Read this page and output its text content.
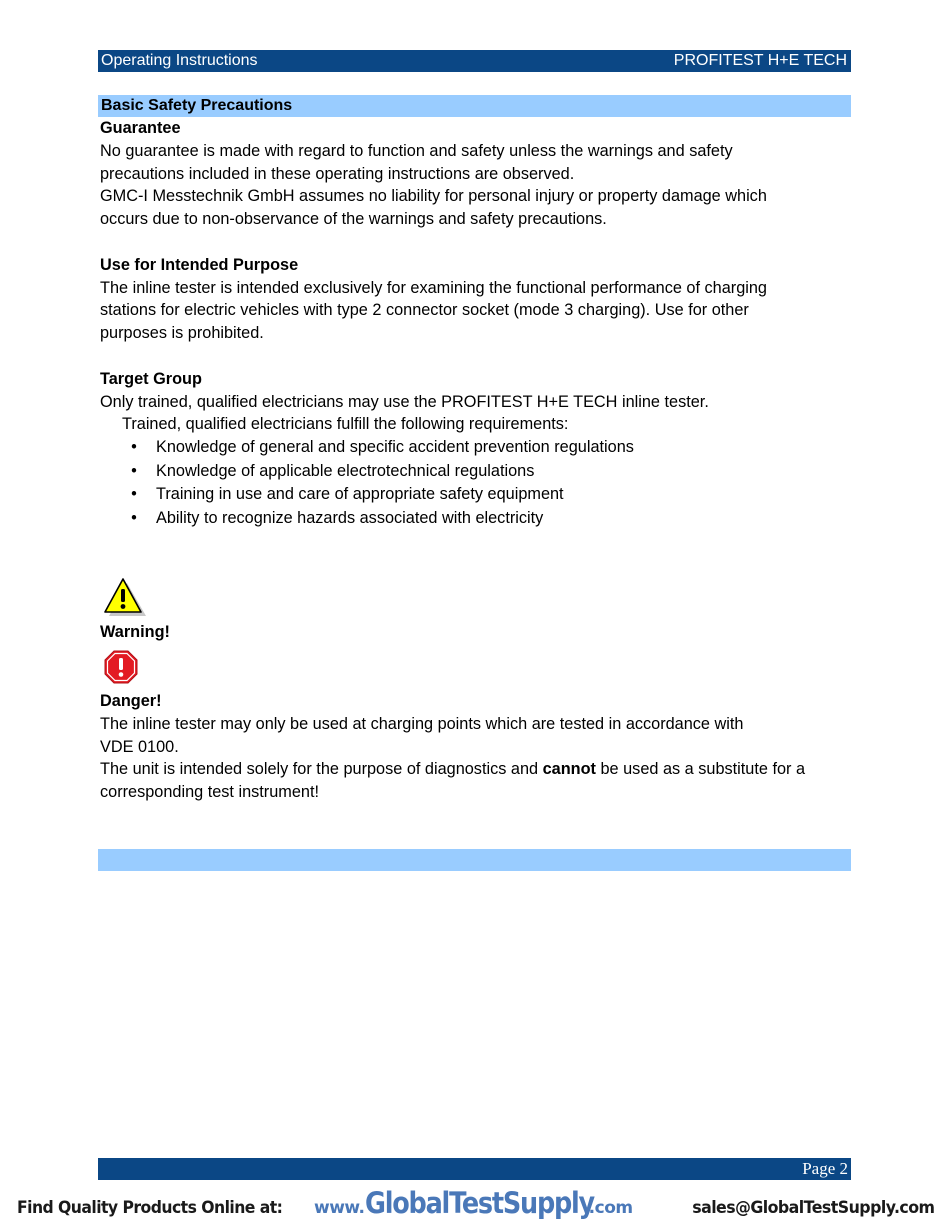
Operating Instructions	PROFITEST H+E TECH
Basic Safety Precautions

Guarantee

No guarantee is made with regard to function and safety unless the warnings and safety

precautions included in these operating instructions are observed.

GMC-I Messtechnik GmbH assumes no liability for personal injury or property damage which

occurs due to non-observance of the warnings and safety precautions.

Use for Intended Purpose

The inline tester is intended exclusively for examining the functional performance of charging

stations for electric vehicles with type 2 connector socket (mode 3 charging). Use for other

purposes is prohibited.

Target Group

Only trained, qualified electricians may use the PROFITEST H+E TECH inline tester.

Trained, qualified electricians fulfill the following requirements:

• Knowledge of general and specific accident prevention regulations
• Knowledge of applicable electrotechnical regulations
• Training in use and care of appropriate safety equipment
• Ability to recognize hazards associated with electricity
Warning!

Danger!

The inline tester may only be used at charging points which are tested in accordance with

VDE 0100.

The unit is intended solely for the purpose of diagnostics and cannot be used as a substitute for a

corresponding test instrument!

Page 2
Find Quality Products Online at: www.GlobalTestSupply.com	sales@GlobalTestSupply.com
